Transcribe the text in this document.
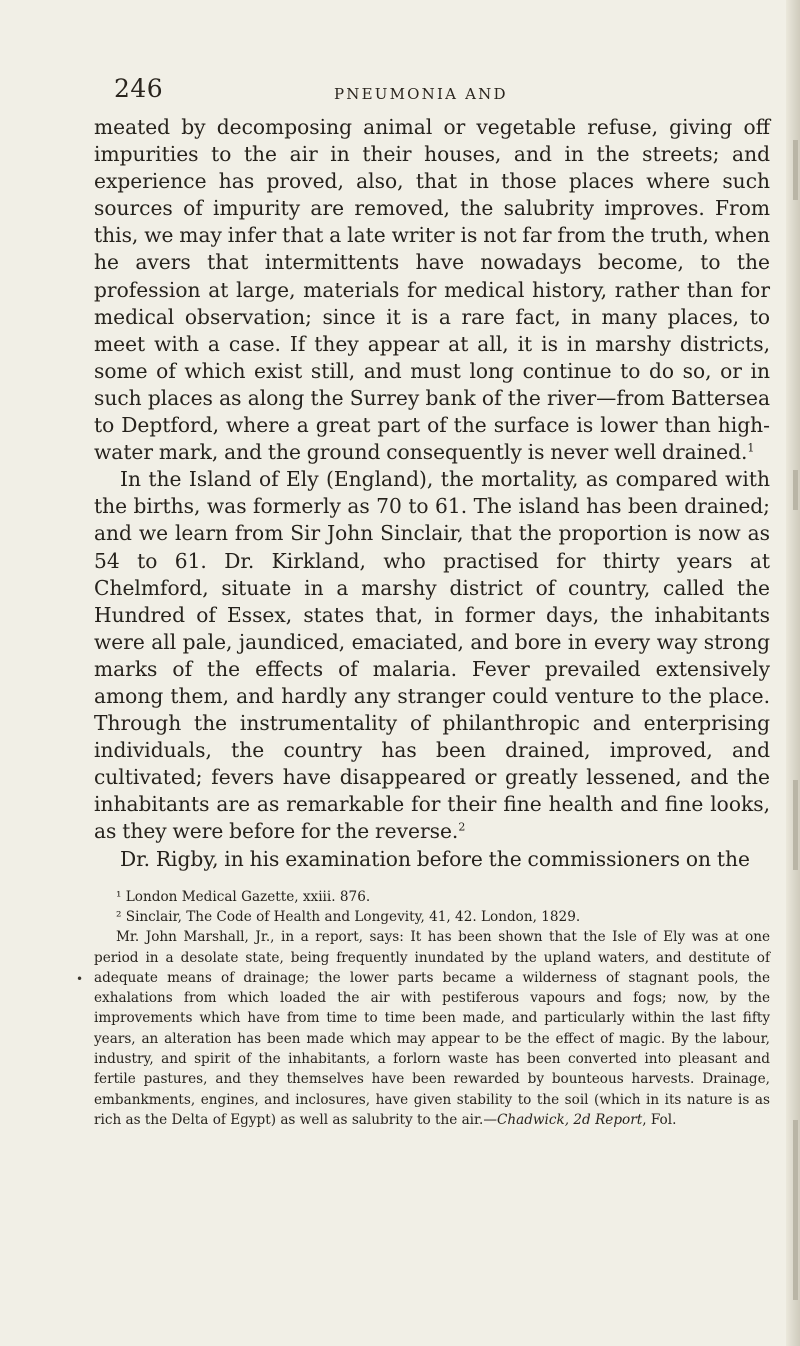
•
246	PNEUMONIA AND

meated by decomposing animal or vegetable refuse, giving off impurities to the air in their houses, and in the streets; and experience has proved, also, that in those places where such sources of impurity are removed, the salubrity improves. From this, we may infer that a late writer is not far from the truth, when he avers that intermittents have nowadays become, to the profession at large, materials for medical history, rather than for medical observation; since it is a rare fact, in many places, to meet with a case. If they appear at all, it is in marshy districts, some of which exist still, and must long continue to do so, or in such places as along the Surrey bank of the river—from Battersea to Deptford, where a great part of the surface is lower than high-water mark, and the ground consequently is never well drained.$^1$

In the Island of Ely (England), the mortality, as compared with the births, was formerly as 70 to 61. The island has been drained; and we learn from Sir John Sinclair, that the proportion is now as 54 to 61. Dr. Kirkland, who practised for thirty years at Chelmford, situate in a marshy district of country, called the Hundred of Essex, states that, in former days, the inhabitants were all pale, jaundiced, emaciated, and bore in every way strong marks of the effects of malaria. Fever prevailed extensively among them, and hardly any stranger could venture to the place. Through the instrumentality of philanthropic and enterprising individuals, the country has been drained, improved, and cultivated; fevers have disappeared or greatly lessened, and the inhabitants are as remarkable for their fine health and fine looks, as they were before for the reverse.$^2$

Dr. Rigby, in his examination before the commissioners on the

¹ London Medical Gazette, xxiii. 876.

² Sinclair, The Code of Health and Longevity, 41, 42. London, 1829.

Mr. John Marshall, Jr., in a report, says: It has been shown that the Isle of Ely was at one period in a desolate state, being frequently inundated by the upland waters, and destitute of adequate means of drainage; the lower parts became a wilderness of stagnant pools, the exhalations from which loaded the air with pestiferous vapours and fogs; now, by the improvements which have from time to time been made, and particularly within the last fifty years, an alteration has been made which may appear to be the effect of magic. By the labour, industry, and spirit of the inhabitants, a forlorn waste has been converted into pleasant and fertile pastures, and they themselves have been rewarded by bounteous harvests. Drainage, embankments, engines, and inclosures, have given stability to the soil (which in its nature is as rich as the Delta of Egypt) as well as salubrity to the air.—Chadwick, 2d Report, Fol.
